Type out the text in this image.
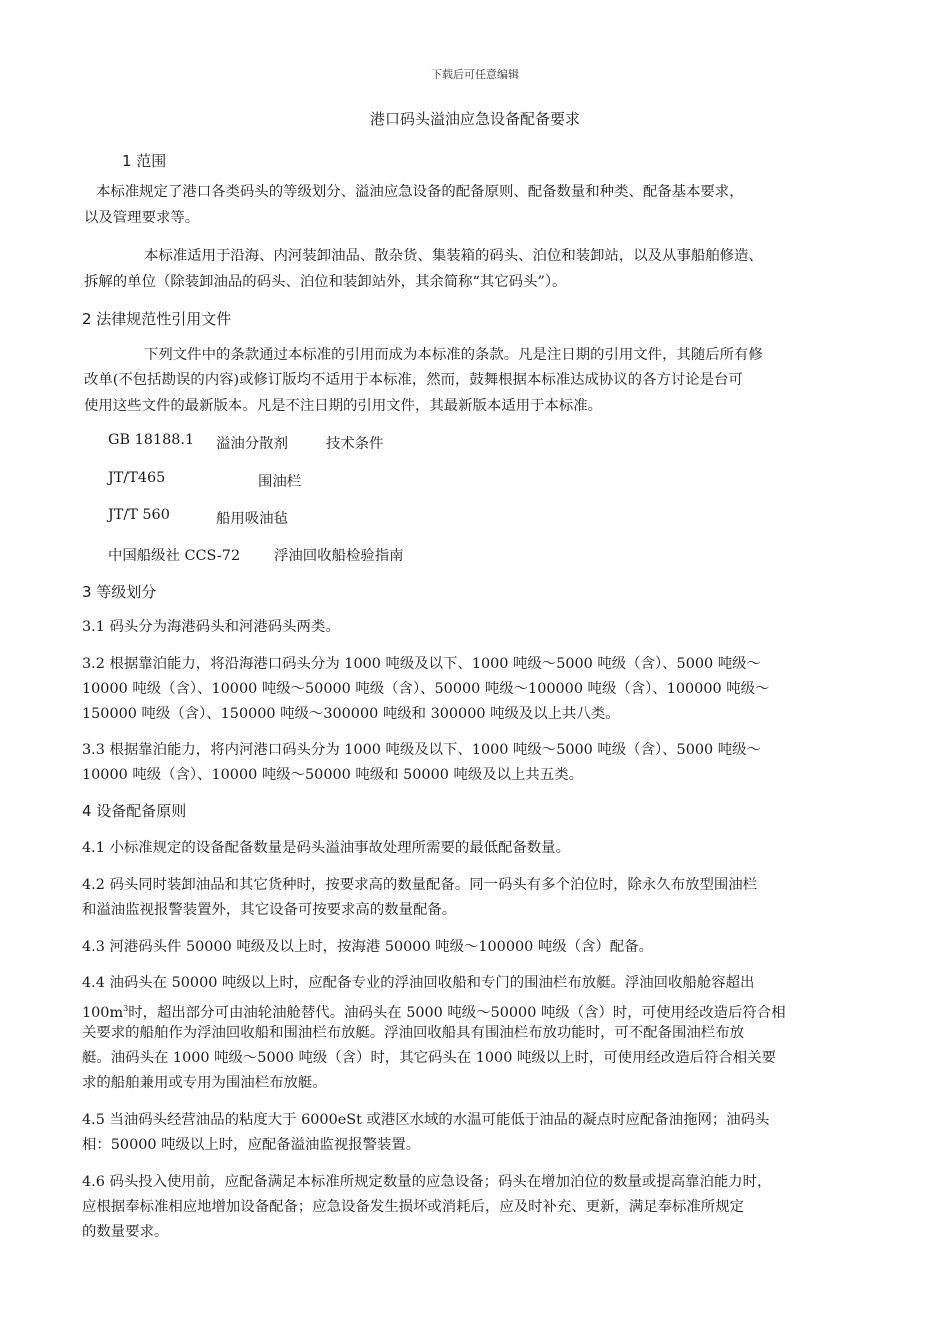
下载后可任意编辑
港口码头溢油应急设备配备要求
1 范围
本标准规定了港口各类码头的等级划分、溢油应急设备的配备原则、配备数量和种类、配备基本要求，
以及管理要求等。
本标准适用于沿海、内河装卸油品、散杂货、集装箱的码头、泊位和装卸站，以及从事船舶修造、
拆解的单位（除装卸油品的码头、泊位和装卸站外，其余简称“其它码头”）。
2 法律规范性引用文件
下列文件中的条款通过本标准的引用而成为本标准的条款。凡是注日期的引用文件，其随后所有修
改单(不包括勘误的内容)或修订版均不适用于本标准，然而，鼓舞根据本标准达成协议的各方讨论是台可
使用这些文件的最新版本。凡是不注日期的引用文件，其最新版本适用于本标准。
GB 18188.1 溢油分散剂	技术条件
JT/T465	围油栏
JT/T 560	船用吸油毡
中国船级社 CCS-72 浮油回收船检验指南
3 等级划分
3.1 码头分为海港码头和河港码头两类。
3.2 根据靠泊能力，将沿海港口码头分为 1000 吨级及以下、1000 吨级～5000 吨级（含）、5000 吨级～
10000 吨级（含）、10000 吨级～50000 吨级（含）、50000 吨级～100000 吨级（含）、100000 吨级～
150000 吨级（含）、150000 吨级～300000 吨级和 300000 吨级及以上共八类。
3.3 根据靠泊能力，将内河港口码头分为 1000 吨级及以下、1000 吨级～5000 吨级（含）、5000 吨级～
10000 吨级（含）、10000 吨级～50000 吨级和 50000 吨级及以上共五类。
4 设备配备原则
4.1 小标准规定的设备配备数量是码头溢油事故处理所需要的最低配备数量。
4.2 码头同时装卸油品和其它货种时，按要求高的数量配备。同一码头有多个泊位时，除永久布放型围油栏
和溢油监视报警装置外，其它设备可按要求高的数量配备。
4.3 河港码头件 50000 吨级及以上时，按海港 50000 吨级～100000 吨级（含）配备。
4.4 油码头在 50000 吨级以上时，应配备专业的浮油回收船和专门的围油栏布放艇。浮油回收船舱容超出
$100m^3$时，超出部分可由油轮油舱替代。油码头在 5000 吨级～50000 吨级（含）时，可使用经改造后符合相
关要求的船舶作为浮油回收船和围油栏布放艇。浮油回收船具有围油栏布放功能时，可不配备围油栏布放
艇。油码头在 1000 吨级～5000 吨级（含）时，其它码头在 1000 吨级以上时，可使用经改造后符合相关要
求的船舶兼用或专用为围油栏布放艇。
4.5 当油码头经营油品的粘度大于 6000eSt 或港区水域的水温可能低于油品的凝点时应配备油拖网；油码头
相：50000 吨级以上时，应配备溢油监视报警装置。
4.6 码头投入使用前，应配备满足本标准所规定数量的应急设备；码头在增加泊位的数量或提高靠泊能力时，
应根据奉标准相应地增加设备配备；应急设备发生损坏或消耗后，应及时补充、更新，满足奉标准所规定
的数量要求。
